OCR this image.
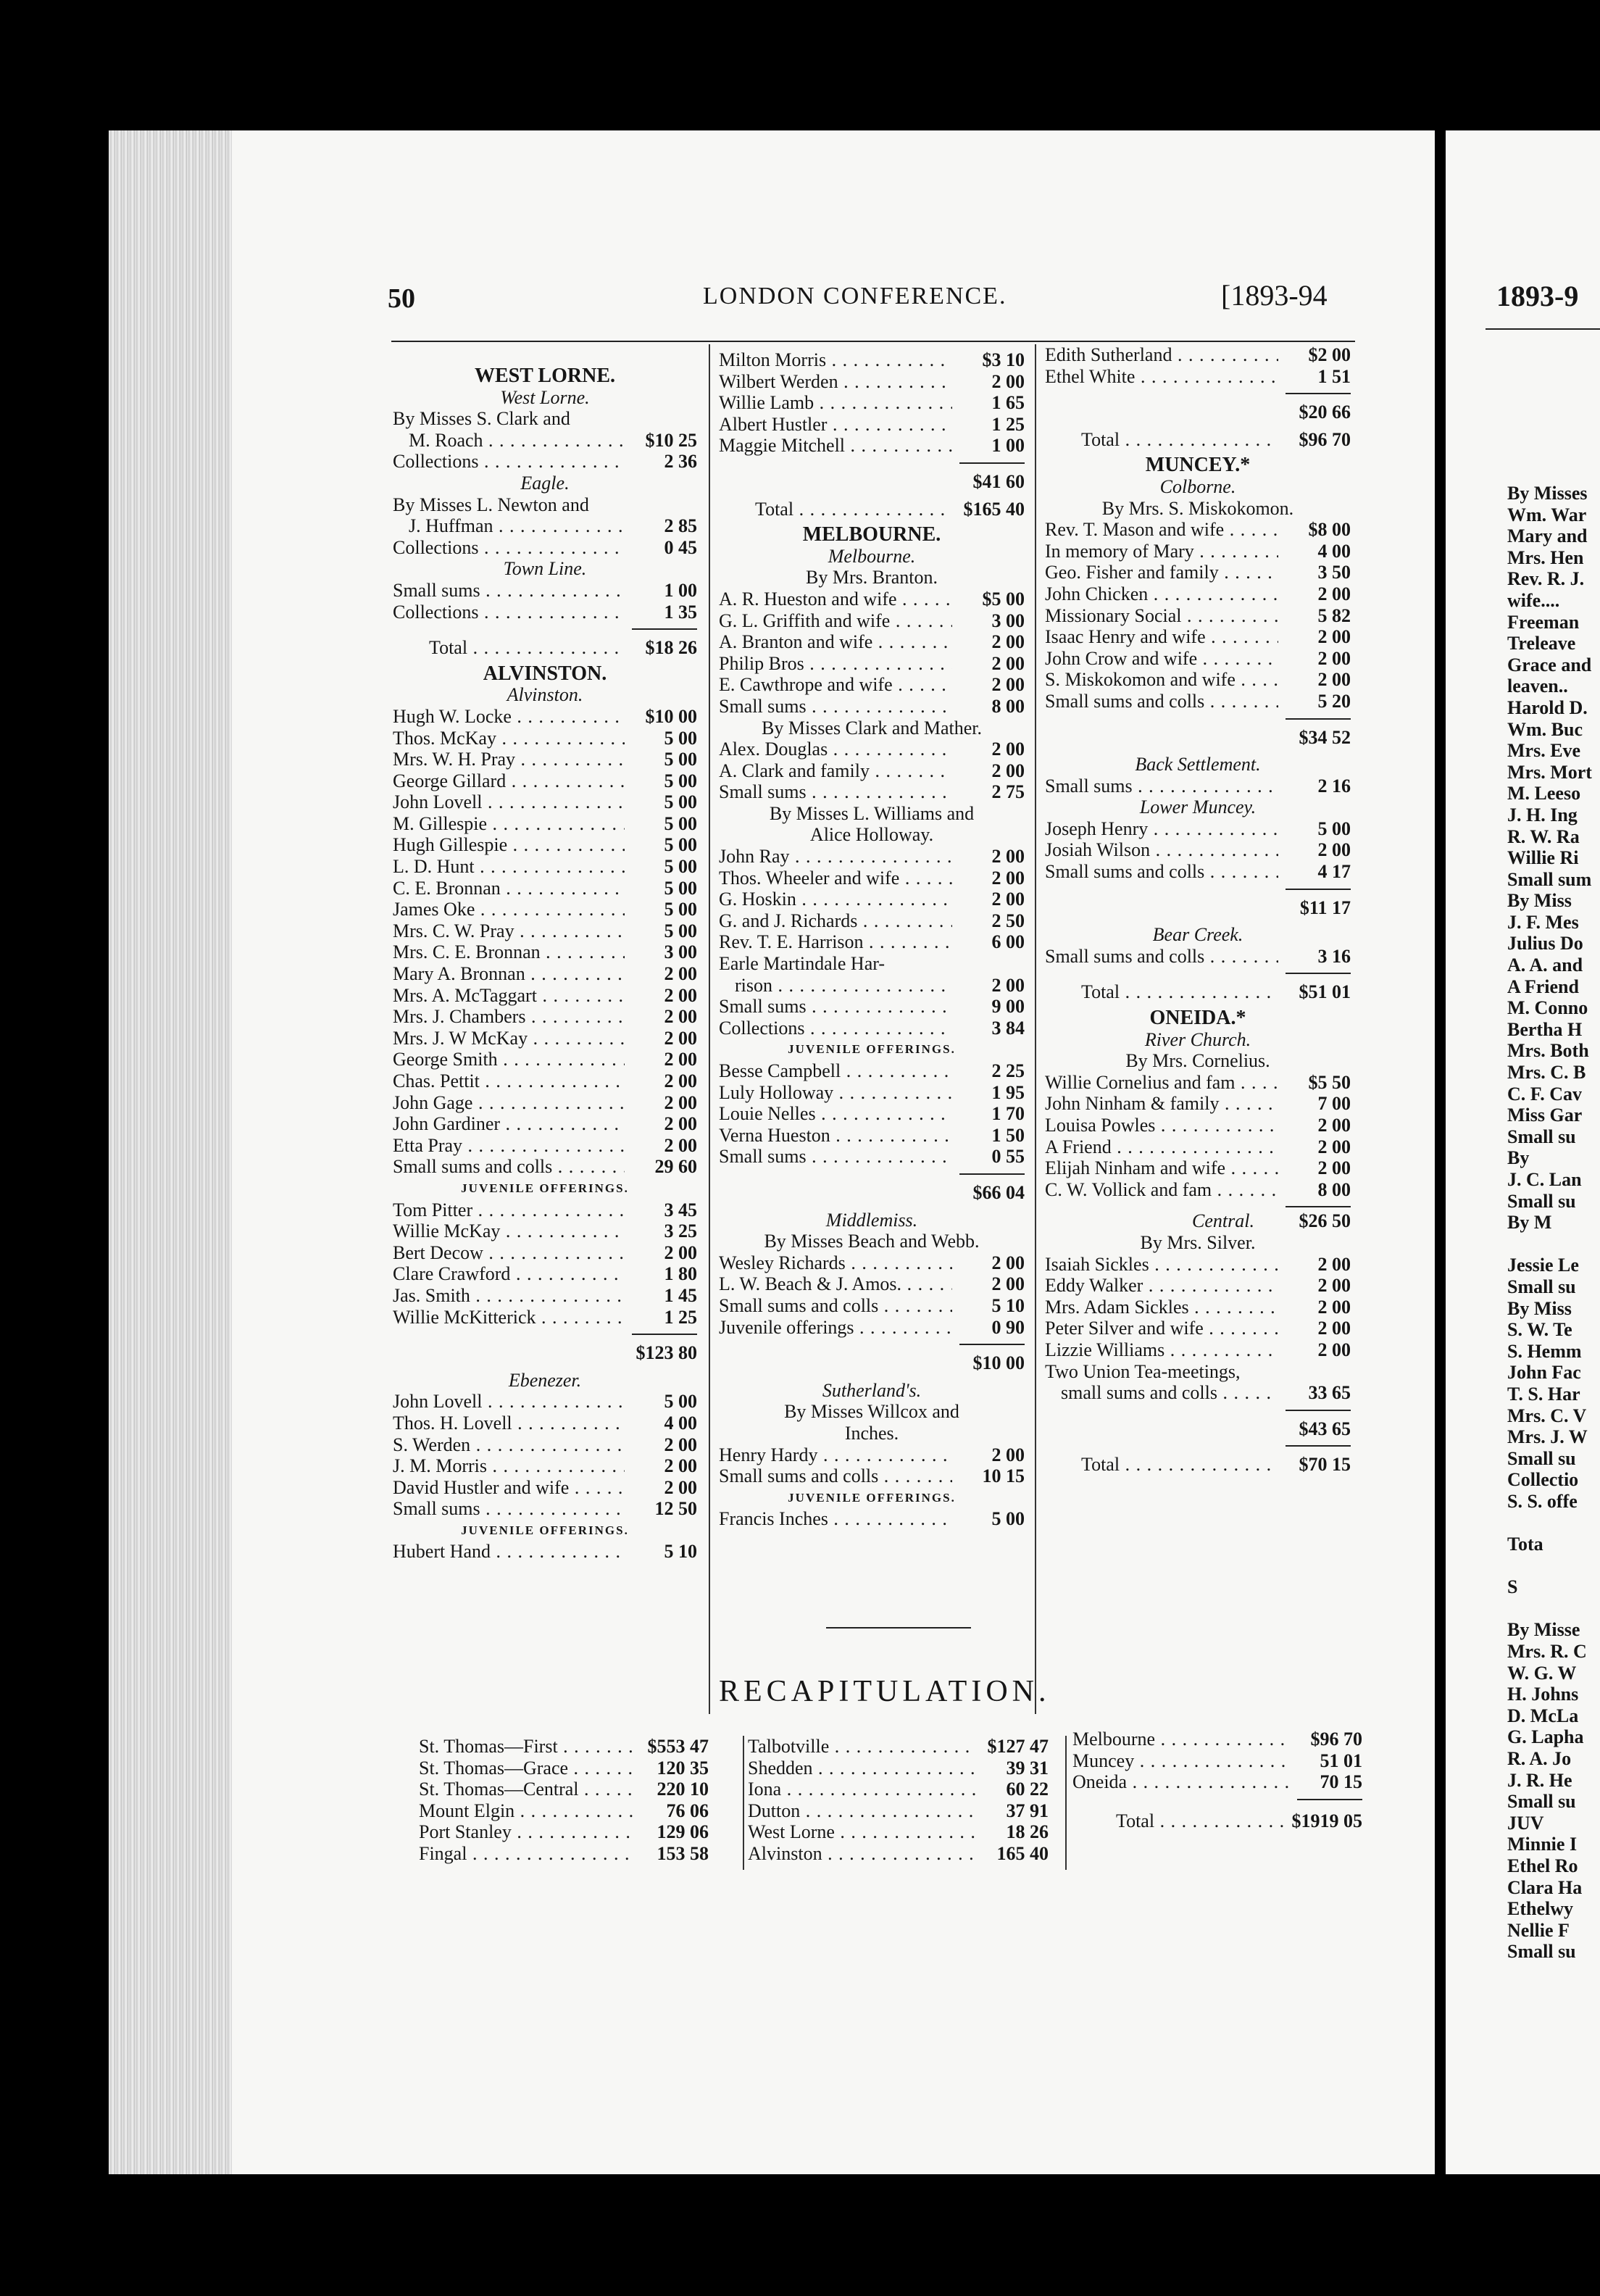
50	LONDON CONFERENCE.	[1893-94
WEST LORNE.
West Lorne.
By Misses S. Clark and
M. Roach . . .	$10 25
Collections . . .	2 36
Eagle.
By Misses L. Newton and
J. Huffman . . .	2 85
Collections . . .	0 45
Town Line.
Small sums . . .	1 00
Collections . . .	1 35
Total . . .	$18 26
ALVINSTON.
Alvinston.
Hugh W. Locke . . .	$10 00
Thos. McKay . . .	5 00
Mrs. W. H. Pray . . .	5 00
George Gillard . . .	5 00
John Lovell . . .	5 00
M. Gillespie . . .	5 00
Hugh Gillespie . . .	5 00
L. D. Hunt . . .	5 00
C. E. Bronnan . . .	5 00
James Oke . . .	5 00
Mrs. C. W. Pray . . .	5 00
Mrs. C. E. Bronnan . . .	3 00
Mary A. Bronnan . . .	2 00
Mrs. A. McTaggart . . .	2 00
Mrs. J. Chambers . . .	2 00
Mrs. J. W McKay . . .	2 00
George Smith . . .	2 00
Chas. Pettit . . .	2 00
John Gage . . .	2 00
John Gardiner . . .	2 00
Etta Pray . . .	2 00
Small sums and colls . . .	29 60
JUVENILE OFFERINGS.
Tom Pitter . . .	3 45
Willie McKay . . .	3 25
Bert Decow . . .	2 00
Clare Crawford . . .	1 80
Jas. Smith . . .	1 45
Willie McKitterick . . .	1 25
$123 80
Ebenezer.
John Lovell . . .	5 00
Thos. H. Lovell . . .	4 00
S. Werden . . .	2 00
J. M. Morris . . .	2 00
David Hustler and wife . . .	2 00
Small sums . . .	12 50
JUVENILE OFFERINGS.
Hubert Hand . . .	5 10
Milton Morris . . .	$3 10
Wilbert Werden . . .	2 00
Willie Lamb . . .	1 65
Albert Hustler . . .	1 25
Maggie Mitchell . . .	1 00
$41 60
Total . . .	$165 40
MELBOURNE.
Melbourne.
By Mrs. Branton.
A. R. Hueston and wife . . .	$5 00
G. L. Griffith and wife . . .	3 00
A. Branton and wife . . .	2 00
Philip Bros . . .	2 00
E. Cawthrope and wife . . .	2 00
Small sums . . .	8 00
By Misses Clark and Mather.
Alex. Douglas . . .	2 00
A. Clark and family . . .	2 00
Small sums . . .	2 75
By Misses L. Williams and
Alice Holloway.
John Ray . . .	2 00
Thos. Wheeler and wife . . .	2 00
G. Hoskin . . .	2 00
G. and J. Richards . . .	2 50
Rev. T. E. Harrison . . .	6 00
Earle Martindale Har-
rison . . .	2 00
Small sums . . .	9 00
Collections . . .	3 84
JUVENILE OFFERINGS.
Besse Campbell . . .	2 25
Luly Holloway . . .	1 95
Louie Nelles . . .	1 70
Verna Hueston . . .	1 50
Small sums . . .	0 55
$66 04
Middlemiss.
By Misses Beach and Webb.
Wesley Richards . . .	2 00
L. W. Beach & J. Amos. . . .	2 00
Small sums and colls . . .	5 10
Juvenile offerings . . .	0 90
$10 00
Sutherland's.
By Misses Willcox and
Inches.
Henry Hardy . . .	2 00
Small sums and colls . . .	10 15
JUVENILE OFFERINGS.
Francis Inches . . .	5 00
Edith Sutherland . . .	$2 00
Ethel White . . .	1 51
$20 66
Total . . .	$96 70
MUNCEY.*
Colborne.
By Mrs. S. Miskokomon.
Rev. T. Mason and wife . . .	$8 00
In memory of Mary . . .	4 00
Geo. Fisher and family . . .	3 50
John Chicken . . .	2 00
Missionary Social . . .	5 82
Isaac Henry and wife . . .	2 00
John Crow and wife . . .	2 00
S. Miskokomon and wife . . .	2 00
Small sums and colls . . .	5 20
$34 52
Back Settlement.
Small sums . . .	2 16
Lower Muncey.
Joseph Henry . . .	5 00
Josiah Wilson . . .	2 00
Small sums and colls . . .	4 17
$11 17
Bear Creek.
Small sums and colls . . .	3 16
Total . . .	$51 01
ONEIDA.*
River Church.
By Mrs. Cornelius.
Willie Cornelius and fam . . .	$5 50
John Ninham & family . . .	7 00
Louisa Powles . . .	2 00
A Friend . . .	2 00
Elijah Ninham and wife . . .	2 00
C. W. Vollick and fam . . .	8 00
Central.	$26 50
By Mrs. Silver.
Isaiah Sickles . . .	2 00
Eddy Walker . . .	2 00
Mrs. Adam Sickles . . .	2 00
Peter Silver and wife . . .	2 00
Lizzie Williams . . .	2 00
Two Union Tea-meetings,
small sums and colls . . .	33 65
$43 65
Total . . .	$70 15
RECAPITULATION.
St. Thomas—First . . .	$553 47
St. Thomas—Grace . . .	120 35
St. Thomas—Central . . .	220 10
Mount Elgin . . .	76 06
Port Stanley . . .	129 06
Fingal . . .	153 58
Talbotville . . .	$127 47
Shedden . . .	39 31
Iona . . .	60 22
Dutton . . .	37 91
West Lorne . . .	18 26
Alvinston . . .	165 40
Melbourne . . .	$96 70
Muncey . . .	51 01
Oneida . . .	70 15
Total . . .	$1919 05
1893-9
By Misses
Wm. War
Mary and
Mrs. Hen
Rev. R. J.
wife....
Freeman
Treleave
Grace and
leaven..
Harold D.
Wm. Buc
Mrs. Eve
Mrs. Mort
M. Leeso
J. H. Ing
R. W. Ra
Willie Ri
Small sum
By Miss
J. F. Mes
Julius Do
A. A. and
A Friend
M. Conno
Bertha H
Mrs. Both
Mrs. C. B
C. F. Cav
Miss Gar
Small su
By
J. C. Lan
Small su
By M
Jessie Le
Small su
By Miss
S. W. Te
S. Hemm
John Fac
T. S. Har
Mrs. C. V
Mrs. J. W
Small su
Collectio
S. S. offe
Tota
S
By Misse
Mrs. R. C
W. G. W
H. Johns
D. McLa
G. Lapha
R. A. Jo
J. R. He
Small su
JUV
Minnie I
Ethel Ro
Clara Ha
Ethelwy
Nellie F
Small su
